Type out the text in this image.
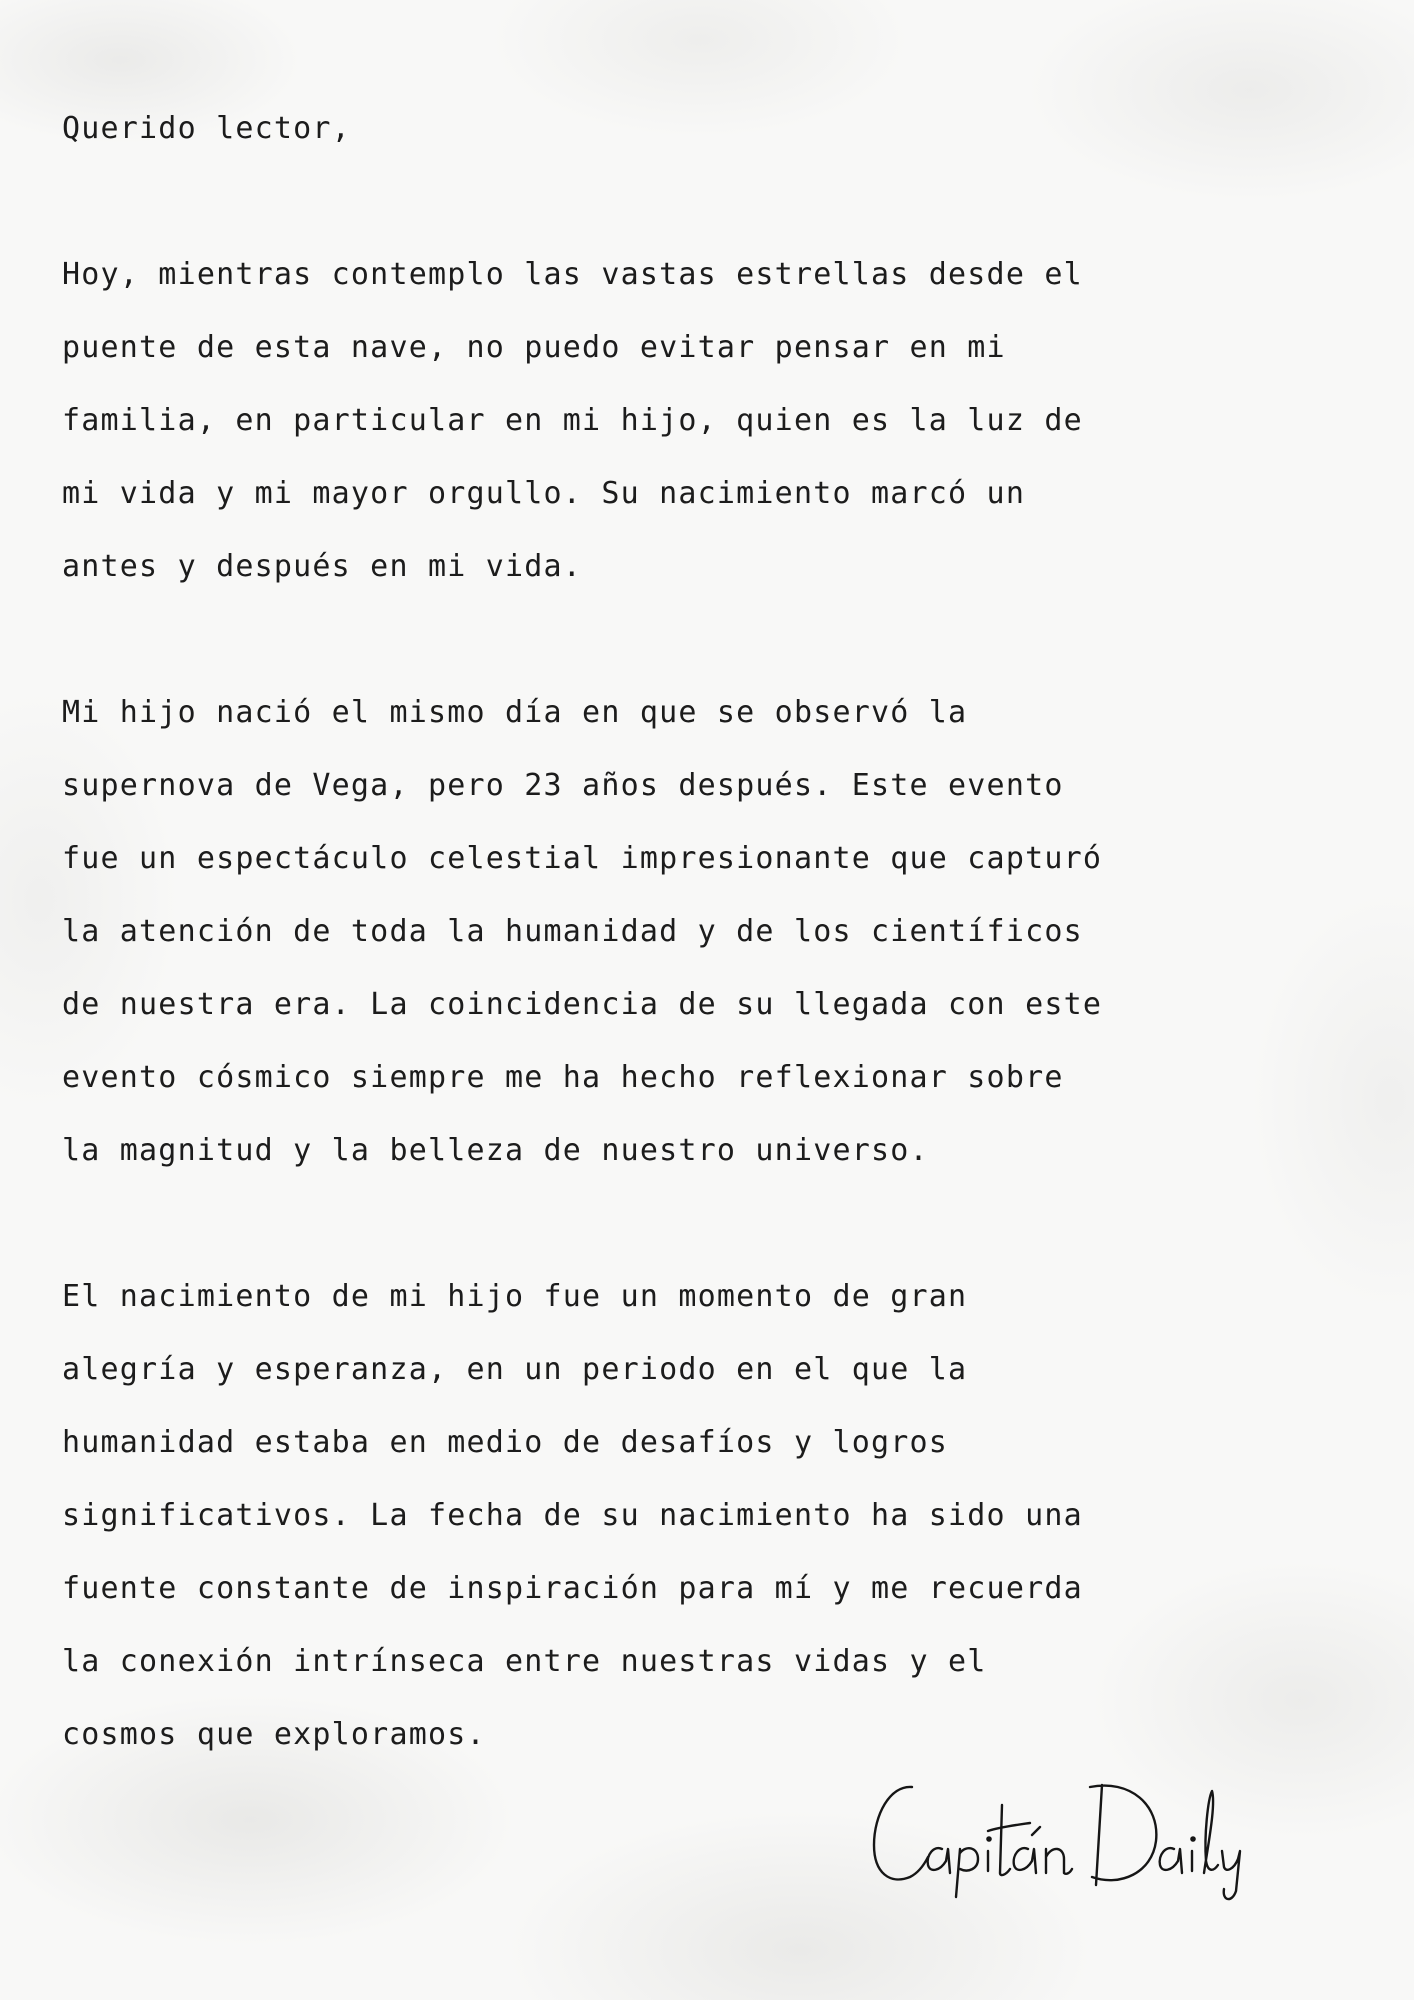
Querido lector,
Hoy, mientras contemplo las vastas estrellas desde el
puente de esta nave, no puedo evitar pensar en mi
familia, en particular en mi hijo, quien es la luz de
mi vida y mi mayor orgullo. Su nacimiento marcó un
antes y después en mi vida.
Mi hijo nació el mismo día en que se observó la
supernova de Vega, pero 23 años después. Este evento
fue un espectáculo celestial impresionante que capturó
la atención de toda la humanidad y de los científicos
de nuestra era. La coincidencia de su llegada con este
evento cósmico siempre me ha hecho reflexionar sobre
la magnitud y la belleza de nuestro universo.
El nacimiento de mi hijo fue un momento de gran
alegría y esperanza, en un periodo en el que la
humanidad estaba en medio de desafíos y logros
significativos. La fecha de su nacimiento ha sido una
fuente constante de inspiración para mí y me recuerda
la conexión intrínseca entre nuestras vidas y el
cosmos que exploramos.
